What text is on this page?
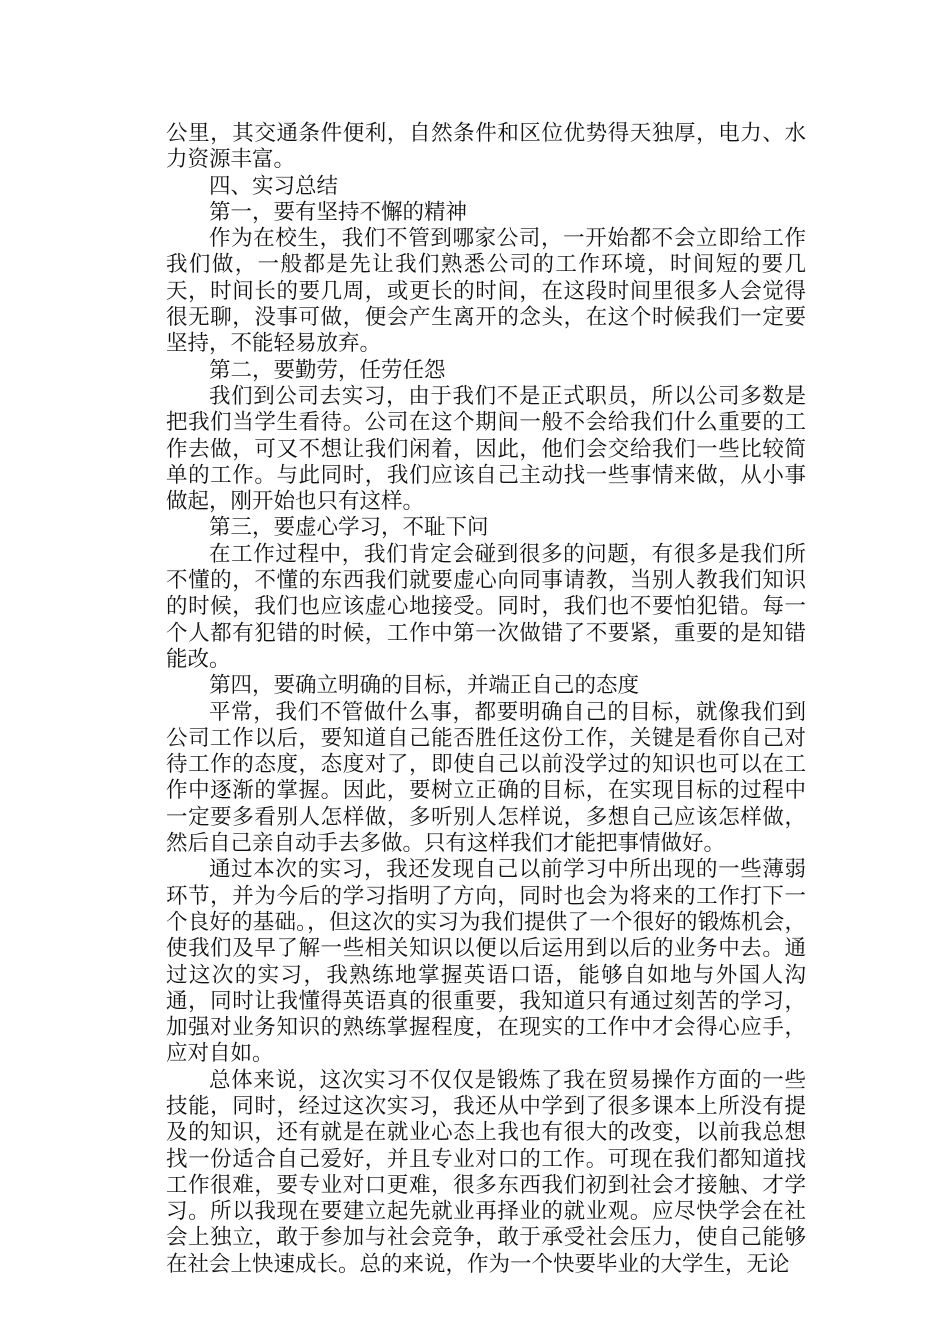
公里，其交通条件便利，自然条件和区位优势得天独厚，电力、水力资源丰富。

四、实习总结

第一，要有坚持不懈的精神

作为在校生，我们不管到哪家公司，一开始都不会立即给工作我们做，一般都是先让我们熟悉公司的工作环境，时间短的要几天，时间长的要几周，或更长的时间，在这段时间里很多人会觉得很无聊，没事可做，便会产生离开的念头，在这个时候我们一定要坚持，不能轻易放弃。

第二，要勤劳，任劳任怨

我们到公司去实习，由于我们不是正式职员，所以公司多数是把我们当学生看待。公司在这个期间一般不会给我们什么重要的工作去做，可又不想让我们闲着，因此，他们会交给我们一些比较简单的工作。与此同时，我们应该自己主动找一些事情来做，从小事做起，刚开始也只有这样。

第三，要虚心学习，不耻下问

在工作过程中，我们肯定会碰到很多的问题，有很多是我们所不懂的，不懂的东西我们就要虚心向同事请教，当别人教我们知识的时候，我们也应该虚心地接受。同时，我们也不要怕犯错。每一个人都有犯错的时候，工作中第一次做错了不要紧，重要的是知错能改。

第四，要确立明确的目标，并端正自己的态度

平常，我们不管做什么事，都要明确自己的目标，就像我们到公司工作以后，要知道自己能否胜任这份工作，关键是看你自己对待工作的态度，态度对了，即使自己以前没学过的知识也可以在工作中逐渐的掌握。因此，要树立正确的目标，在实现目标的过程中一定要多看别人怎样做，多听别人怎样说，多想自己应该怎样做，然后自己亲自动手去多做。只有这样我们才能把事情做好。

通过本次的实习，我还发现自己以前学习中所出现的一些薄弱环节，并为今后的学习指明了方向，同时也会为将来的工作打下一个良好的基础。，但这次的实习为我们提供了一个很好的锻炼机会，使我们及早了解一些相关知识以便以后运用到以后的业务中去。通过这次的实习，我熟练地掌握英语口语，能够自如地与外国人沟通，同时让我懂得英语真的很重要，我知道只有通过刻苦的学习，加强对业务知识的熟练掌握程度，在现实的工作中才会得心应手，应对自如。

总体来说，这次实习不仅仅是锻炼了我在贸易操作方面的一些技能，同时，经过这次实习，我还从中学到了很多课本上所没有提及的知识，还有就是在就业心态上我也有很大的改变，以前我总想找一份适合自己爱好，并且专业对口的工作。可现在我们都知道找工作很难，要专业对口更难，很多东西我们初到社会才接触、才学习。所以我现在要建立起先就业再择业的就业观。应尽快学会在社会上独立，敢于参加与社会竞争，敢于承受社会压力，使自己能够在社会上快速成长。总的来说，作为一个快要毕业的大学生，无论
